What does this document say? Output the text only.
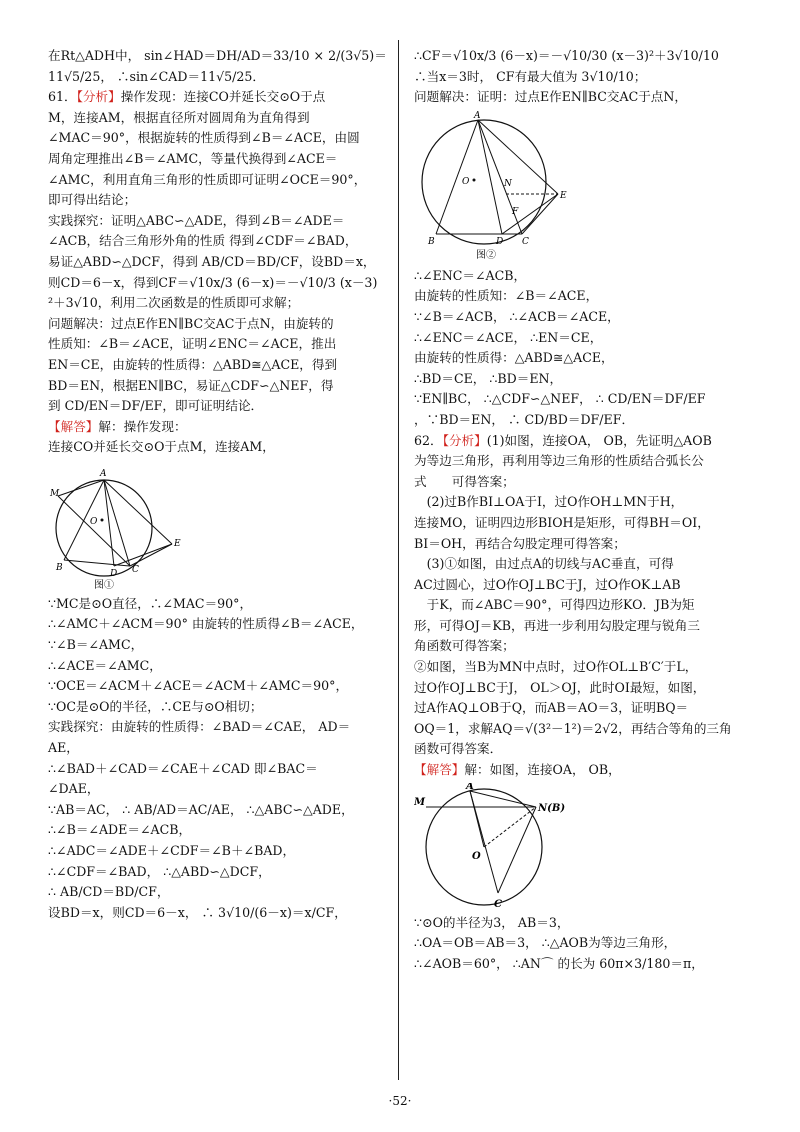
在Rt△ADH中， sin∠HAD＝DH/AD＝33/10 × 2/(3√5)＝
11√5/25， ∴sin∠CAD＝11√5/25．
61．【分析】操作发现：连接CO并延长交⊙O于点
M，连接AM，根据直径所对圆周角为直角得到
∠MAC＝90°，根据旋转的性质得到∠B＝∠ACE，由圆
周角定理推出∠B＝∠AMC，等量代换得到∠ACE＝
∠AMC，利用直角三角形的性质即可证明∠OCE＝90°，
即可得出结论；
实践探究：证明△ABC∽△ADE，得到∠B＝∠ADE＝
∠ACB，结合三角形外角的性质 得到∠CDF＝∠BAD，
易证△ABD∽△DCF，得到 AB/CD＝BD/CF，设BD＝x，
则CD＝6－x，得到CF＝√10x/3 (6－x)＝－√10/3 (x－3)
²＋3√10，利用二次函数是的性质即可求解；
问题解决：过点E作EN∥BC交AC于点N，由旋转的
性质知：∠B＝∠ACE，证明∠ENC＝∠ACE，推出
EN＝CE，由旋转的性质得：△ABD≅△ACE，得到
BD＝EN，根据EN∥BC，易证△CDF∽△NEF，得
到 CD/EN＝DF/EF，即可证明结论．
【解答】解：操作发现：
连接CO并延长交⊙O于点M，连接AM，
M
A
O
E
B
D C
图①
∵MC是⊙O直径，∴∠MAC＝90°，
∴∠AMC＋∠ACM＝90° 由旋转的性质得∠B＝∠ACE，
∵∠B＝∠AMC，
∴∠ACE＝∠AMC，
∵OCE＝∠ACM＋∠ACE＝∠ACM＋∠AMC＝90°，
∵OC是⊙O的半径，∴CE与⊙O相切；
实践探究：由旋转的性质得：∠BAD＝∠CAE， AD＝
AE，
∴∠BAD＋∠CAD＝∠CAE＋∠CAD 即∠BAC＝
∠DAE，
∵AB＝AC， ∴ AB/AD＝AC/AE， ∴△ABC∽△ADE，
∴∠B＝∠ADE＝∠ACB，
∴∠ADC＝∠ADE＋∠CDF＝∠B＋∠BAD，
∴∠CDF＝∠BAD， ∴△ABD∽△DCF，
∴ AB/CD＝BD/CF，
设BD＝x，则CD＝6－x， ∴ 3√10/(6－x)＝x/CF，
∴CF＝√10x/3 (6－x)＝－√10/30 (x－3)²＋3√10/10
∴当x＝3时， CF有最大值为 3√10/10；
问题解决：证明：过点E作EN∥BC交AC于点N，
A
O	N
E
F
B	D C
图②
∴∠ENC＝∠ACB，
由旋转的性质知：∠B＝∠ACE，
∵∠B＝∠ACB， ∴∠ACB＝∠ACE，
∴∠ENC＝∠ACE， ∴EN＝CE，
由旋转的性质得：△ABD≅△ACE，
∴BD＝CE， ∴BD＝EN，
∵EN∥BC， ∴△CDF∽△NEF， ∴ CD/EN＝DF/EF
，∵BD＝EN， ∴ CD/BD＝DF/EF．
62．【分析】(1)如图，连接OA， OB，先证明△AOB
为等边三角形，再利用等边三角形的性质结合弧长公
式　　可得答案；
　(2)过B作BI⊥OA于I，过O作OH⊥MN于H，
连接MO，证明四边形BIOH是矩形，可得BH＝OI，
BI＝OH，再结合勾股定理可得答案；
　(3)①如图，由过点A的切线与AC垂直，可得
AC过圆心，过O作OJ⊥BC于J，过O作OK⊥AB
　于K，而∠ABC＝90°，可得四边形KO．JB为矩
形，可得OJ＝KB，再进一步利用勾股定理与锐角三
角函数可得答案；
②如图，当B为MN中点时，过O作OL⊥B′C′于L，
过O作OJ⊥BC于J， OL＞OJ，此时OI最短，如图，
过A作AQ⊥OB于Q，而AB＝AO＝3，证明BQ＝
OQ＝1，求解AQ＝√(3²－1²)＝2√2，再结合等角的三角
函数可得答案．
【解答】解：如图，连接OA， OB，
A
M
N(B)
O
C
∵⊙O的半径为3， AB＝3，
∴OA＝OB＝AB＝3， ∴△AOB为等边三角形，
∴∠AOB＝60°， ∴AN⌒ 的长为 60π×3/180＝π，
·52·
